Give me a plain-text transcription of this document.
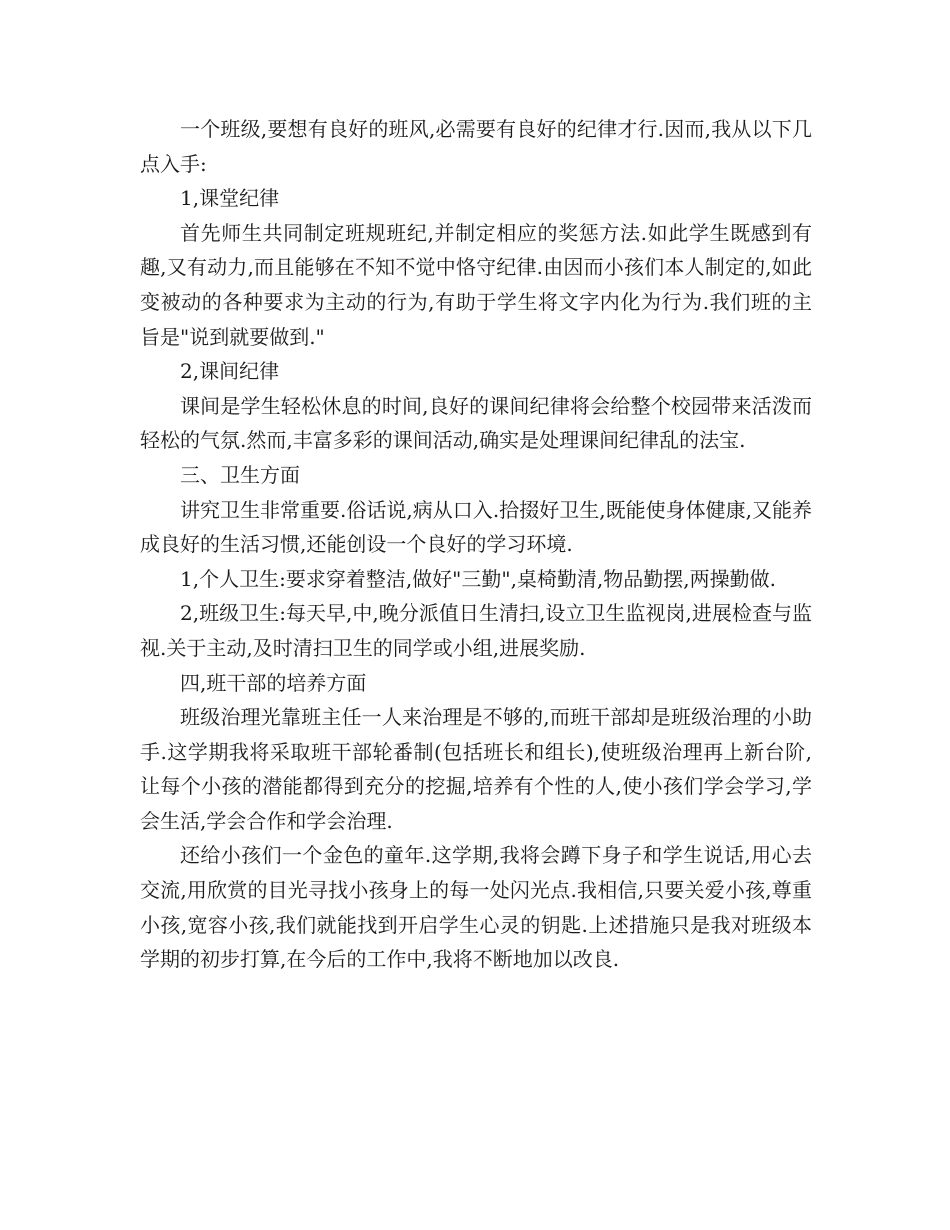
一个班级,要想有良好的班风,必需要有良好的纪律才行.因而,我从以下几点入手:

1,课堂纪律

首先师生共同制定班规班纪,并制定相应的奖惩方法.如此学生既感到有趣,又有动力,而且能够在不知不觉中恪守纪律.由因而小孩们本人制定的,如此变被动的各种要求为主动的行为,有助于学生将文字内化为行为.我们班的主旨是"说到就要做到."

2,课间纪律

课间是学生轻松休息的时间,良好的课间纪律将会给整个校园带来活泼而轻松的气氛.然而,丰富多彩的课间活动,确实是处理课间纪律乱的法宝.

三、卫生方面

讲究卫生非常重要.俗话说,病从口入.拾掇好卫生,既能使身体健康,又能养成良好的生活习惯,还能创设一个良好的学习环境.

1,个人卫生:要求穿着整洁,做好"三勤",桌椅勤清,物品勤摆,两操勤做.

2,班级卫生:每天早,中,晚分派值日生清扫,设立卫生监视岗,进展检查与监视.关于主动,及时清扫卫生的同学或小组,进展奖励.

四,班干部的培养方面

班级治理光靠班主任一人来治理是不够的,而班干部却是班级治理的小助手.这学期我将采取班干部轮番制(包括班长和组长),使班级治理再上新台阶,让每个小孩的潜能都得到充分的挖掘,培养有个性的人,使小孩们学会学习,学会生活,学会合作和学会治理.

还给小孩们一个金色的童年.这学期,我将会蹲下身子和学生说话,用心去交流,用欣赏的目光寻找小孩身上的每一处闪光点.我相信,只要关爱小孩,尊重小孩,宽容小孩,我们就能找到开启学生心灵的钥匙.上述措施只是我对班级本学期的初步打算,在今后的工作中,我将不断地加以改良.
